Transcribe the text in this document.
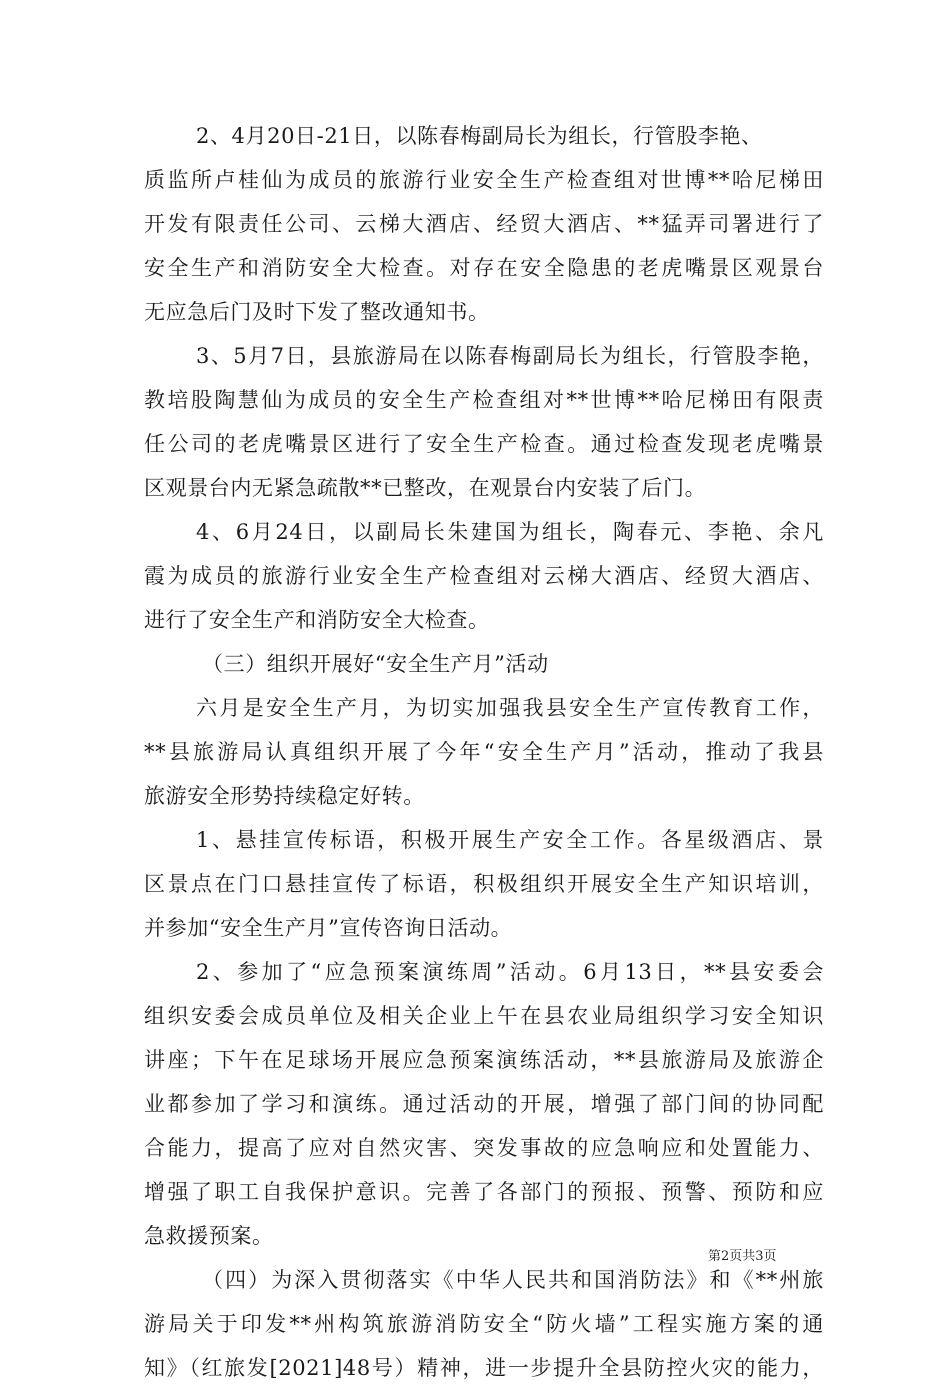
2、4月20日-21日，以陈春梅副局长为组长，行管股李艳、
质监所卢桂仙为成员的旅游行业安全生产检查组对世博**哈尼梯田
开发有限责任公司、云梯大酒店、经贸大酒店、**猛弄司署进行了
安全生产和消防安全大检查。对存在安全隐患的老虎嘴景区观景台
无应急后门及时下发了整改通知书。
3、5月7日，县旅游局在以陈春梅副局长为组长，行管股李艳，
教培股陶慧仙为成员的安全生产检查组对**世博**哈尼梯田有限责
任公司的老虎嘴景区进行了安全生产检查。通过检查发现老虎嘴景
区观景台内无紧急疏散**已整改，在观景台内安装了后门。
4、6月24日，以副局长朱建国为组长，陶春元、李艳、余凡
霞为成员的旅游行业安全生产检查组对云梯大酒店、经贸大酒店、
进行了安全生产和消防安全大检查。
（三）组织开展好“安全生产月”活动
六月是安全生产月，为切实加强我县安全生产宣传教育工作，
**县旅游局认真组织开展了今年“安全生产月”活动，推动了我县
旅游安全形势持续稳定好转。
1、悬挂宣传标语，积极开展生产安全工作。各星级酒店、景
区景点在门口悬挂宣传了标语，积极组织开展安全生产知识培训，
并参加“安全生产月”宣传咨询日活动。
2、参加了“应急预案演练周”活动。6月13日，**县安委会
组织安委会成员单位及相关企业上午在县农业局组织学习安全知识
讲座；下午在足球场开展应急预案演练活动，**县旅游局及旅游企
业都参加了学习和演练。通过活动的开展，增强了部门间的协同配
合能力，提高了应对自然灾害、突发事故的应急响应和处置能力、
增强了职工自我保护意识。完善了各部门的预报、预警、预防和应
急救援预案。
（四）为深入贯彻落实《中华人民共和国消防法》和《**州旅
游局关于印发**州构筑旅游消防安全“防火墙”工程实施方案的通
知》（红旅发[2021]48号）精神，进一步提升全县防控火灾的能力，
第2页共3页
